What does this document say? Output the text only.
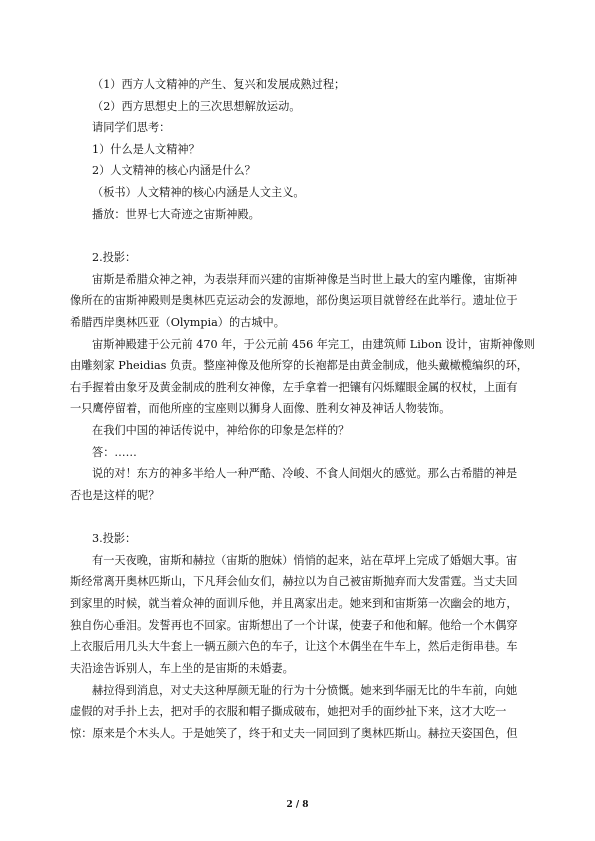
（1）西方人文精神的产生、复兴和发展成熟过程；
（2）西方思想史上的三次思想解放运动。
请同学们思考：
1）什么是人文精神？
2）人文精神的核心内涵是什么？
（板书）人文精神的核心内涵是人文主义。
播放：世界七大奇迹之宙斯神殿。
2.投影：
宙斯是希腊众神之神，为表崇拜而兴建的宙斯神像是当时世上最大的室内雕像，宙斯神
像所在的宙斯神殿则是奥林匹克运动会的发源地，部份奥运项目就曾经在此举行。遗址位于
希腊西岸奥林匹亚（Olympia）的古城中。
宙斯神殿建于公元前 470 年，于公元前 456 年完工，由建筑师 Libon 设计，宙斯神像则
由雕刻家 Pheidias 负责。整座神像及他所穿的长袍都是由黄金制成，他头戴橄榄编织的环，
右手握着由象牙及黄金制成的胜利女神像，左手拿着一把镶有闪烁耀眼金属的权杖，上面有
一只鹰停留着，而他所座的宝座则以狮身人面像、胜利女神及神话人物装饰。
在我们中国的神话传说中，神给你的印象是怎样的？
答：……
说的对！东方的神多半给人一种严酷、冷峻、不食人间烟火的感觉。那么古希腊的神是
否也是这样的呢？
3.投影：
有一天夜晚，宙斯和赫拉（宙斯的胞妹）悄悄的起来，站在草坪上完成了婚姻大事。宙
斯经常离开奥林匹斯山，下凡拜会仙女们，赫拉以为自己被宙斯抛弃而大发雷霆。当丈夫回
到家里的时候，就当着众神的面训斥他，并且离家出走。她来到和宙斯第一次幽会的地方，
独自伤心垂泪。发誓再也不回家。宙斯想出了一个计谋，使妻子和他和解。他给一个木偶穿
上衣服后用几头大牛套上一辆五颜六色的车子，让这个木偶坐在牛车上，然后走街串巷。车
夫沿途告诉别人，车上坐的是宙斯的未婚妻。
赫拉得到消息，对丈夫这种厚颜无耻的行为十分愤慨。她来到华丽无比的牛车前，向她
虚假的对手扑上去，把对手的衣服和帽子撕成破布，她把对手的面纱扯下来，这才大吃一
惊：原来是个木头人。于是她笑了，终于和丈夫一同回到了奥林匹斯山。赫拉天姿国色，但
2 / 8
